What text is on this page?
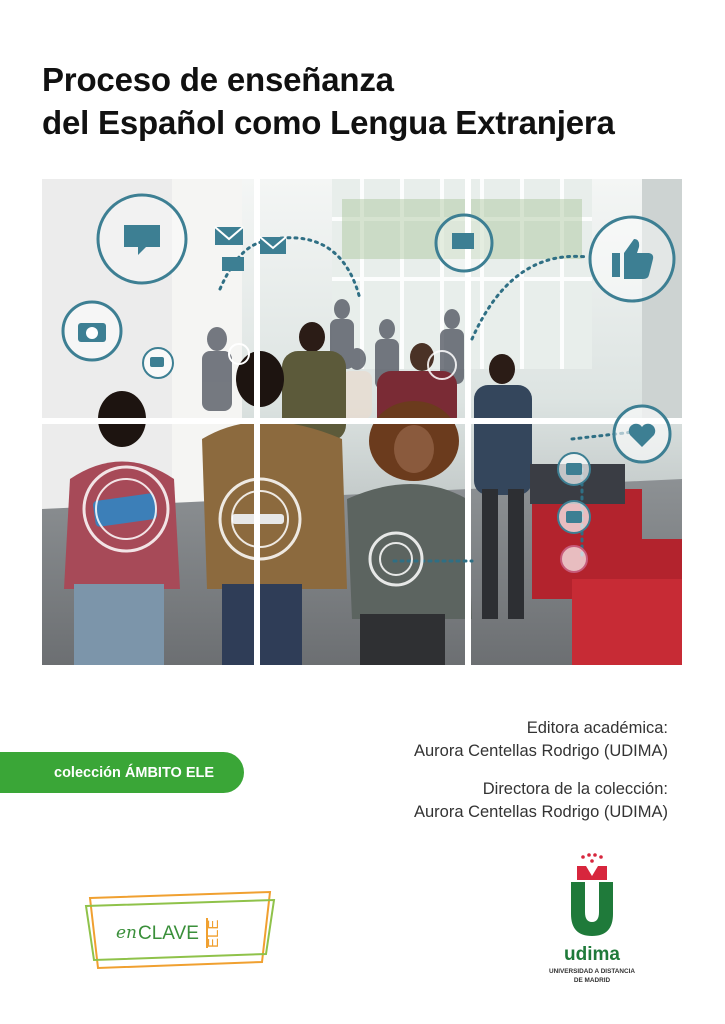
Proceso de enseñanza
del Español como Lengua Extranjera
Editora académica:
Aurora Centellas Rodrigo (UDIMA)
Directora de la colección:
Aurora Centellas Rodrigo (UDIMA)
colección ÁMBITO ELE
en CLAVE ELE
udima
UNIVERSIDAD A DISTANCIA
DE MADRID
